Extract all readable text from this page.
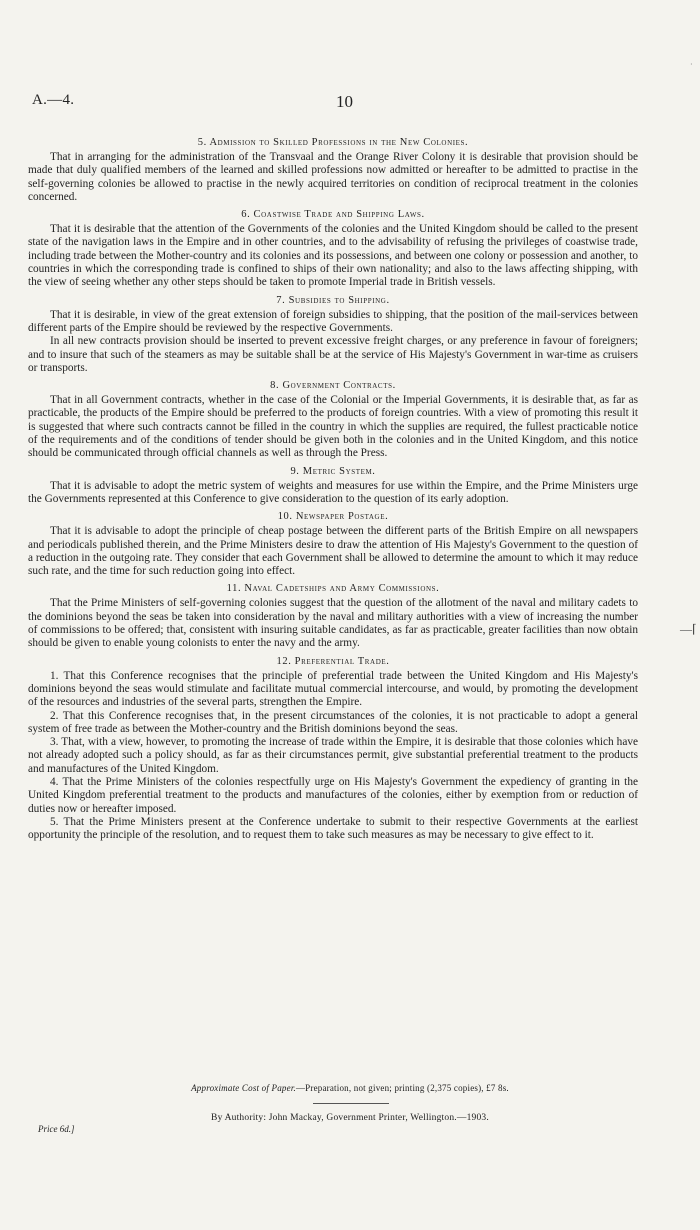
·
A.—4.	10
5. Admission to Skilled Professions in the New Colonies.

That in arranging for the administration of the Transvaal and the Orange River Colony it is desirable that provision should be made that duly qualified members of the learned and skilled professions now admitted or hereafter to be admitted to practise in the self-governing colonies be allowed to practise in the newly acquired territories on condition of reciprocal treatment in the colonies concerned.

6. Coastwise Trade and Shipping Laws.

That it is desirable that the attention of the Governments of the colonies and the United Kingdom should be called to the present state of the navigation laws in the Empire and in other countries, and to the advisability of refusing the privileges of coastwise trade, including trade between the Mother-country and its colonies and its possessions, and between one colony or possession and another, to countries in which the corresponding trade is confined to ships of their own nationality; and also to the laws affecting shipping, with the view of seeing whether any other steps should be taken to promote Imperial trade in British vessels.

7. Subsidies to Shipping.

That it is desirable, in view of the great extension of foreign subsidies to shipping, that the position of the mail-services between different parts of the Empire should be reviewed by the respective Governments.

In all new contracts provision should be inserted to prevent excessive freight charges, or any preference in favour of foreigners; and to insure that such of the steamers as may be suitable shall be at the service of His Majesty's Government in war-time as cruisers or transports.

8. Government Contracts.

That in all Government contracts, whether in the case of the Colonial or the Imperial Governments, it is desirable that, as far as practicable, the products of the Empire should be preferred to the products of foreign countries. With a view of promoting this result it is suggested that where such contracts cannot be filled in the country in which the supplies are required, the fullest practicable notice of the requirements and of the conditions of tender should be given both in the colonies and in the United Kingdom, and this notice should be communicated through official channels as well as through the Press.

9. Metric System.

That it is advisable to adopt the metric system of weights and measures for use within the Empire, and the Prime Ministers urge the Governments represented at this Conference to give consideration to the question of its early adoption.

10. Newspaper Postage.

That it is advisable to adopt the principle of cheap postage between the different parts of the British Empire on all newspapers and periodicals published therein, and the Prime Ministers desire to draw the attention of His Majesty's Government to the question of a reduction in the outgoing rate. They consider that each Government shall be allowed to determine the amount to which it may reduce such rate, and the time for such reduction going into effect.

11. Naval Cadetships and Army Commissions.

That the Prime Ministers of self-governing colonies suggest that the question of the allotment of the naval and military cadets to the dominions beyond the seas be taken into consideration by the naval and military authorities with a view of increasing the number of commissions to be offered; that, consistent with insuring suitable candidates, as far as practicable, greater facilities than now obtain should be given to enable young colonists to enter the navy and the army.

12. Preferential Trade.

1. That this Conference recognises that the principle of preferential trade between the United Kingdom and His Majesty's dominions beyond the seas would stimulate and facilitate mutual commercial intercourse, and would, by promoting the development of the resources and industries of the several parts, strengthen the Empire.

2. That this Conference recognises that, in the present circumstances of the colonies, it is not practicable to adopt a general system of free trade as between the Mother-country and the British dominions beyond the seas.

3. That, with a view, however, to promoting the increase of trade within the Empire, it is desirable that those colonies which have not already adopted such a policy should, as far as their circumstances permit, give substantial preferential treatment to the products and manufactures of the United Kingdom.

4. That the Prime Ministers of the colonies respectfully urge on His Majesty's Government the expediency of granting in the United Kingdom preferential treatment to the products and manufactures of the colonies, either by exemption from or reduction of duties now or hereafter imposed.

5. That the Prime Ministers present at the Conference undertake to submit to their respective Governments at the earliest opportunity the principle of the resolution, and to request them to take such measures as may be necessary to give effect to it.

—⌈
Approximate Cost of Paper.—Preparation, not given; printing (2,375 copies), £7 8s.
By Authority: John Mackay, Government Printer, Wellington.—1903.
Price 6d.]
